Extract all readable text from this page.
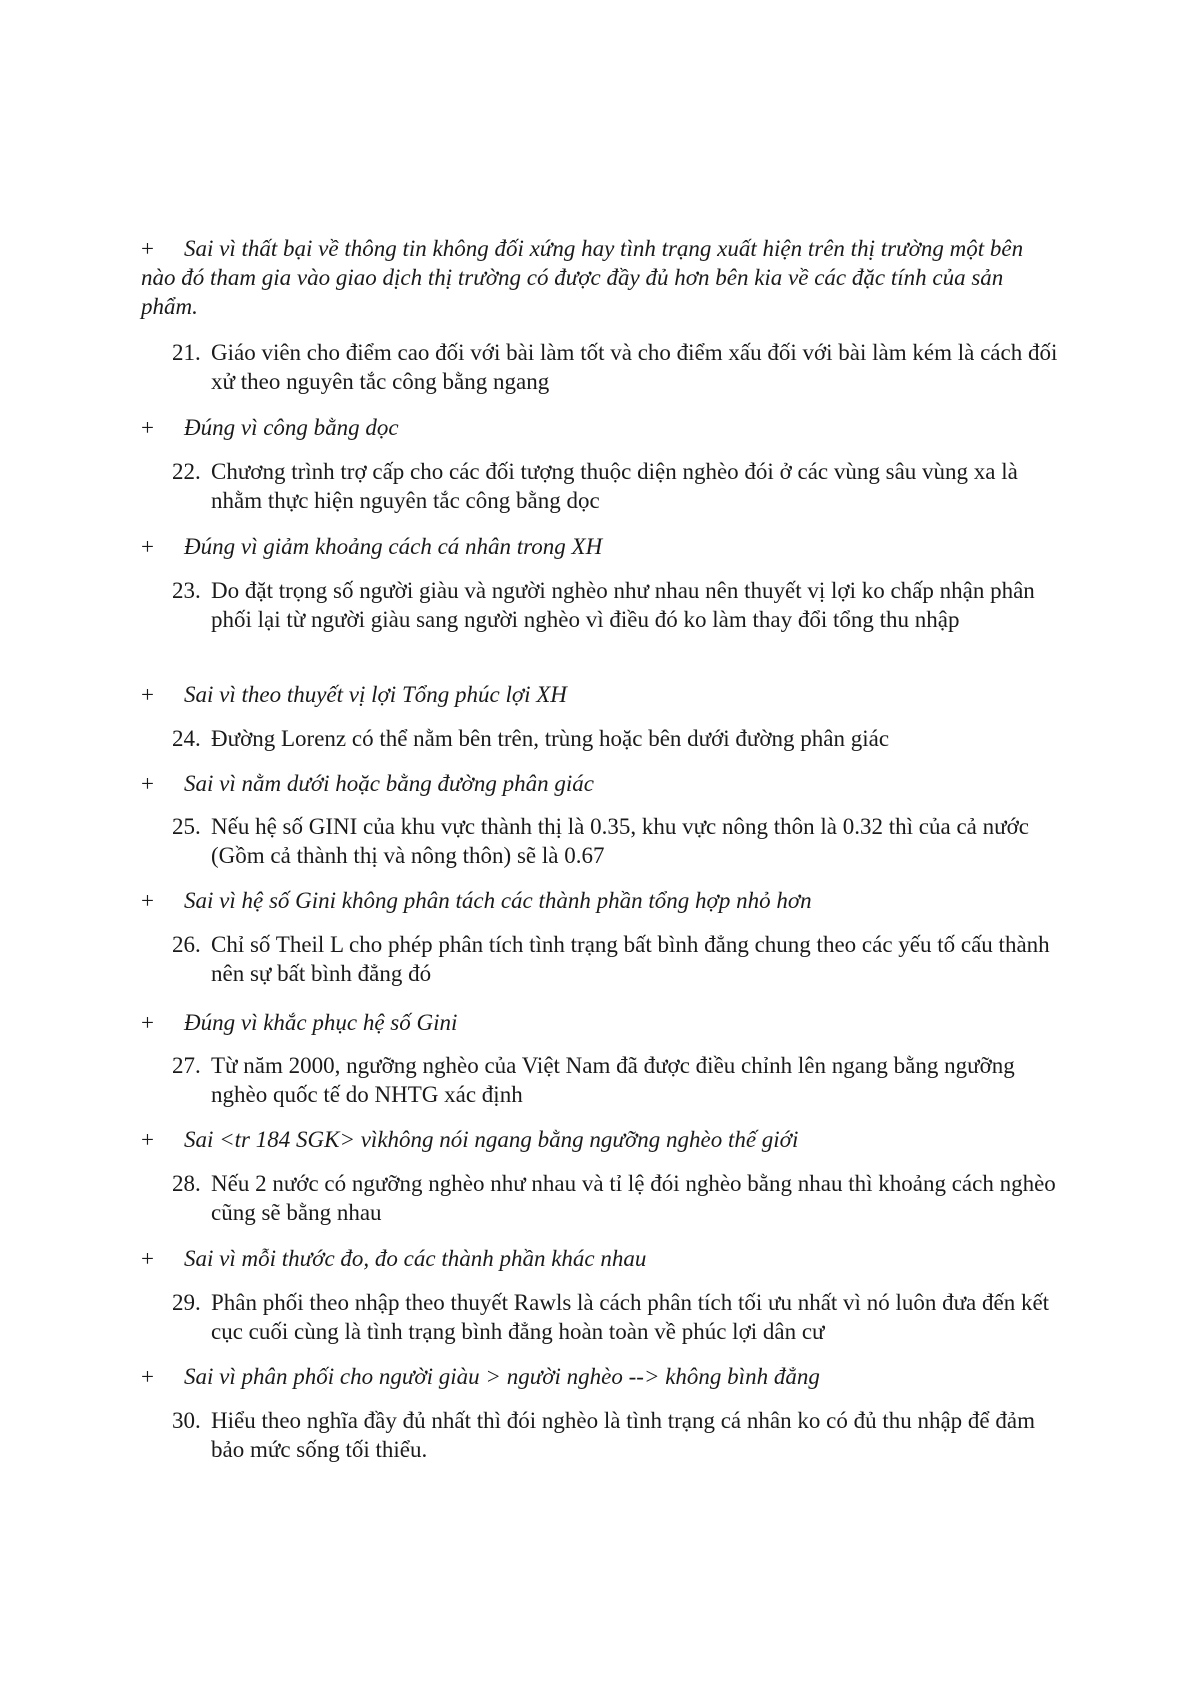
+	Sai vì thất bại về thông tin không đối xứng hay tình trạng xuất hiện trên thị trường một bên nào đó tham gia vào giao dịch thị trường có được đầy đủ hơn bên kia về các đặc tính của sản phẩm.
21. Giáo viên cho điểm cao đối với bài làm tốt và cho điểm xấu đối với bài làm kém là cách đối xử theo nguyên tắc công bằng ngang
+	Đúng vì công bằng dọc
22. Chương trình trợ cấp cho các đối tượng thuộc diện nghèo đói ở các vùng sâu vùng xa là nhằm thực hiện nguyên tắc công bằng dọc
+	Đúng vì giảm khoảng cách cá nhân trong XH
23. Do đặt trọng số người giàu và người nghèo như nhau nên thuyết vị lợi ko chấp nhận phân phối lại từ người giàu sang người nghèo vì điều đó ko làm thay đổi tổng thu nhập
+	Sai vì theo thuyết vị lợi Tổng phúc lợi XH
24. Đường Lorenz có thể nằm bên trên, trùng hoặc bên dưới đường phân giác
+	Sai vì nằm dưới hoặc bằng đường phân giác
25. Nếu hệ số GINI của khu vực thành thị là 0.35, khu vực nông thôn là 0.32 thì của cả nước (Gồm cả thành thị và nông thôn) sẽ là 0.67
+	Sai vì hệ số Gini không phân tách các thành phần tổng hợp nhỏ hơn
26. Chỉ số Theil L cho phép phân tích tình trạng bất bình đẳng chung theo các yếu tố cấu thành nên sự bất bình đẳng đó
+	Đúng vì khắc phục hệ số Gini
27. Từ năm 2000, ngưỡng nghèo của Việt Nam đã được điều chỉnh lên ngang bằng ngưỡng nghèo quốc tế do NHTG xác định
+	Sai <tr 184 SGK> vìkhông nói ngang bằng ngưỡng nghèo thế giới
28. Nếu 2 nước có ngưỡng nghèo như nhau và tỉ lệ đói nghèo bằng nhau thì khoảng cách nghèo cũng sẽ bằng nhau
+	Sai vì mỗi thước đo, đo các thành phần khác nhau
29. Phân phối theo nhập theo thuyết Rawls là cách phân tích tối ưu nhất vì nó luôn đưa đến kết cục cuối cùng là tình trạng bình đẳng hoàn toàn về phúc lợi dân cư
+	Sai vì phân phối cho người giàu > người nghèo --> không bình đẳng
30. Hiểu theo nghĩa đầy đủ nhất thì đói nghèo là tình trạng cá nhân ko có đủ thu nhập để đảm bảo mức sống tối thiểu.
